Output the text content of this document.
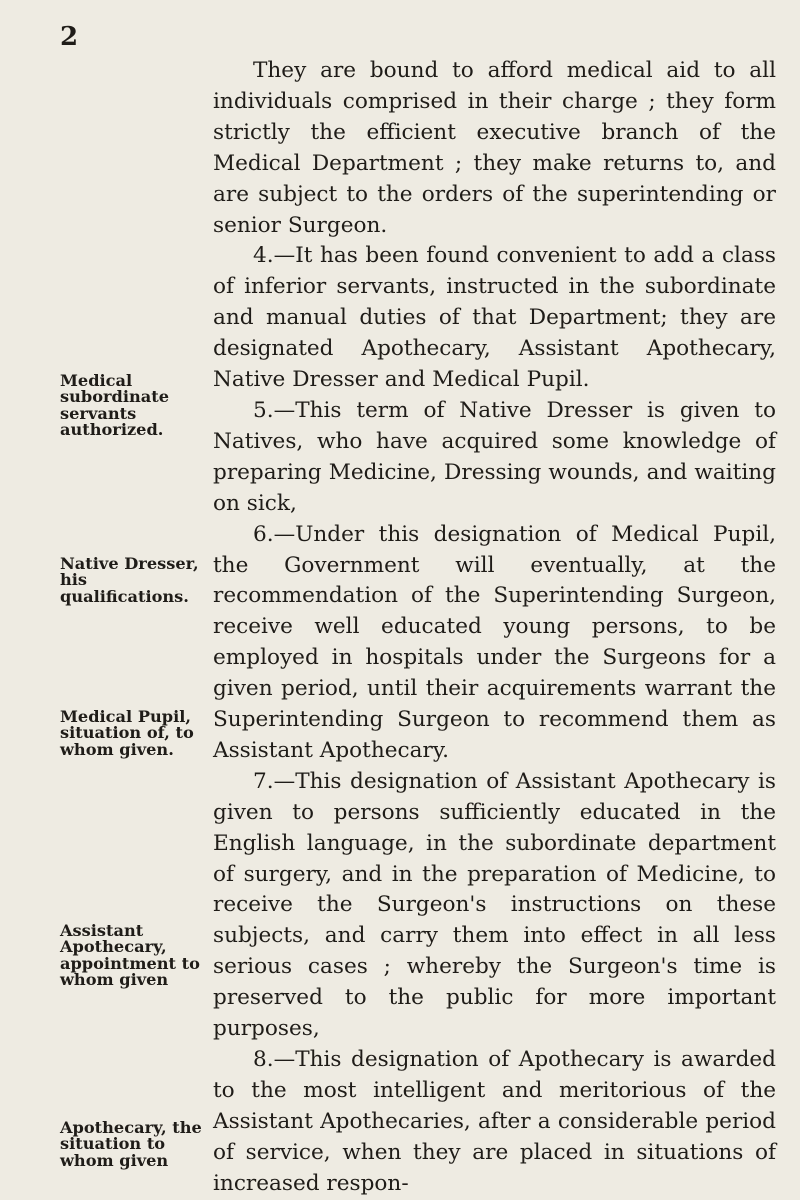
2

They are bound to afford medical aid to all individuals comprised in their charge ; they form strictly the efficient executive branch of the Medical Department ; they make returns to, and are subject to the orders of the superintending or senior Surgeon.

4.—It has been found convenient to add a class of inferior servants, instructed in the subordinate and manual duties of that Department; they are designated Apothecary, Assistant Apothecary, Native Dresser and Medical Pupil.

5.—This term of Native Dresser is given to Natives, who have acquired some knowledge of preparing Medicine, Dressing wounds, and waiting on sick,

6.—Under this designation of Medical Pupil, the Government will eventually, at the recommendation of the Superintending Surgeon, receive well educated young persons, to be employed in hospitals under the Surgeons for a given period, until their acquirements warrant the Superintending Surgeon to recommend them as Assistant Apothecary.

7.—This designation of Assistant Apothecary is given to persons sufficiently educated in the English language, in the subordinate department of surgery, and in the preparation of Medicine, to receive the Surgeon's instructions on these subjects, and carry them into effect in all less serious cases ; whereby the Surgeon's time is preserved to the public for more important purposes,

8.—This designation of Apothecary is awarded to the most intelligent and meritorious of the Assistant Apothecaries, after a considerable period of service, when they are placed in situations of increased respon-

Medical subordinate servants authorized.
Native Dresser, his qualifications.
Medical Pupil, situation of, to whom given.
Assistant Apothecary, appointment to whom given
Apothecary, the situation to whom given
